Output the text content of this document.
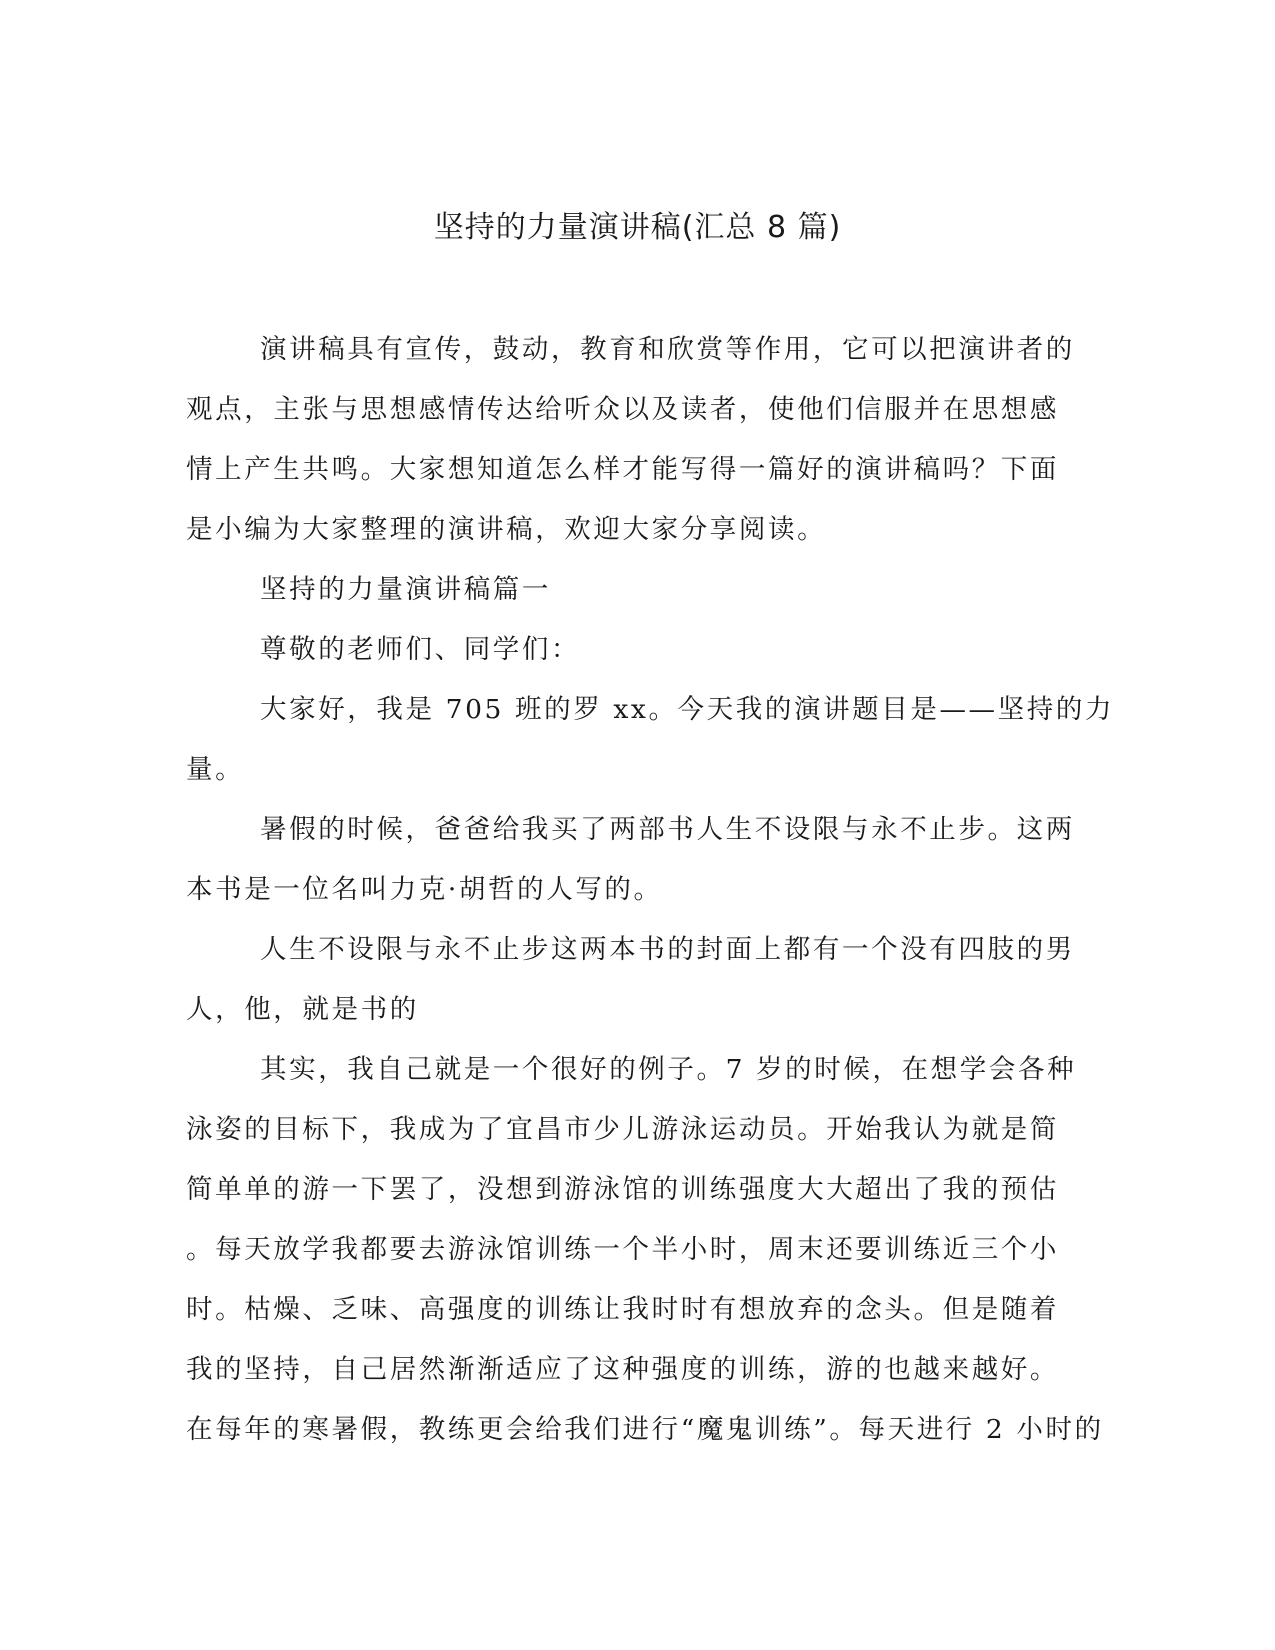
坚持的力量演讲稿(汇总 8 篇)
演讲稿具有宣传，鼓动，教育和欣赏等作用，它可以把演讲者的
观点，主张与思想感情传达给听众以及读者，使他们信服并在思想感
情上产生共鸣。大家想知道怎么样才能写得一篇好的演讲稿吗？下面
是小编为大家整理的演讲稿，欢迎大家分享阅读。
坚持的力量演讲稿篇一
尊敬的老师们、同学们：
大家好，我是 705 班的罗 xx。今天我的演讲题目是——坚持的力
量。
暑假的时候，爸爸给我买了两部书人生不设限与永不止步。这两
本书是一位名叫力克·胡哲的人写的。
人生不设限与永不止步这两本书的封面上都有一个没有四肢的男
人，他，就是书的
其实，我自己就是一个很好的例子。7 岁的时候，在想学会各种
泳姿的目标下，我成为了宜昌市少儿游泳运动员。开始我认为就是简
简单单的游一下罢了，没想到游泳馆的训练强度大大超出了我的预估
。每天放学我都要去游泳馆训练一个半小时，周末还要训练近三个小
时。枯燥、乏味、高强度的训练让我时时有想放弃的念头。但是随着
我的坚持，自己居然渐渐适应了这种强度的训练，游的也越来越好。
在每年的寒暑假，教练更会给我们进行“魔鬼训练”。每天进行 2 小时的
